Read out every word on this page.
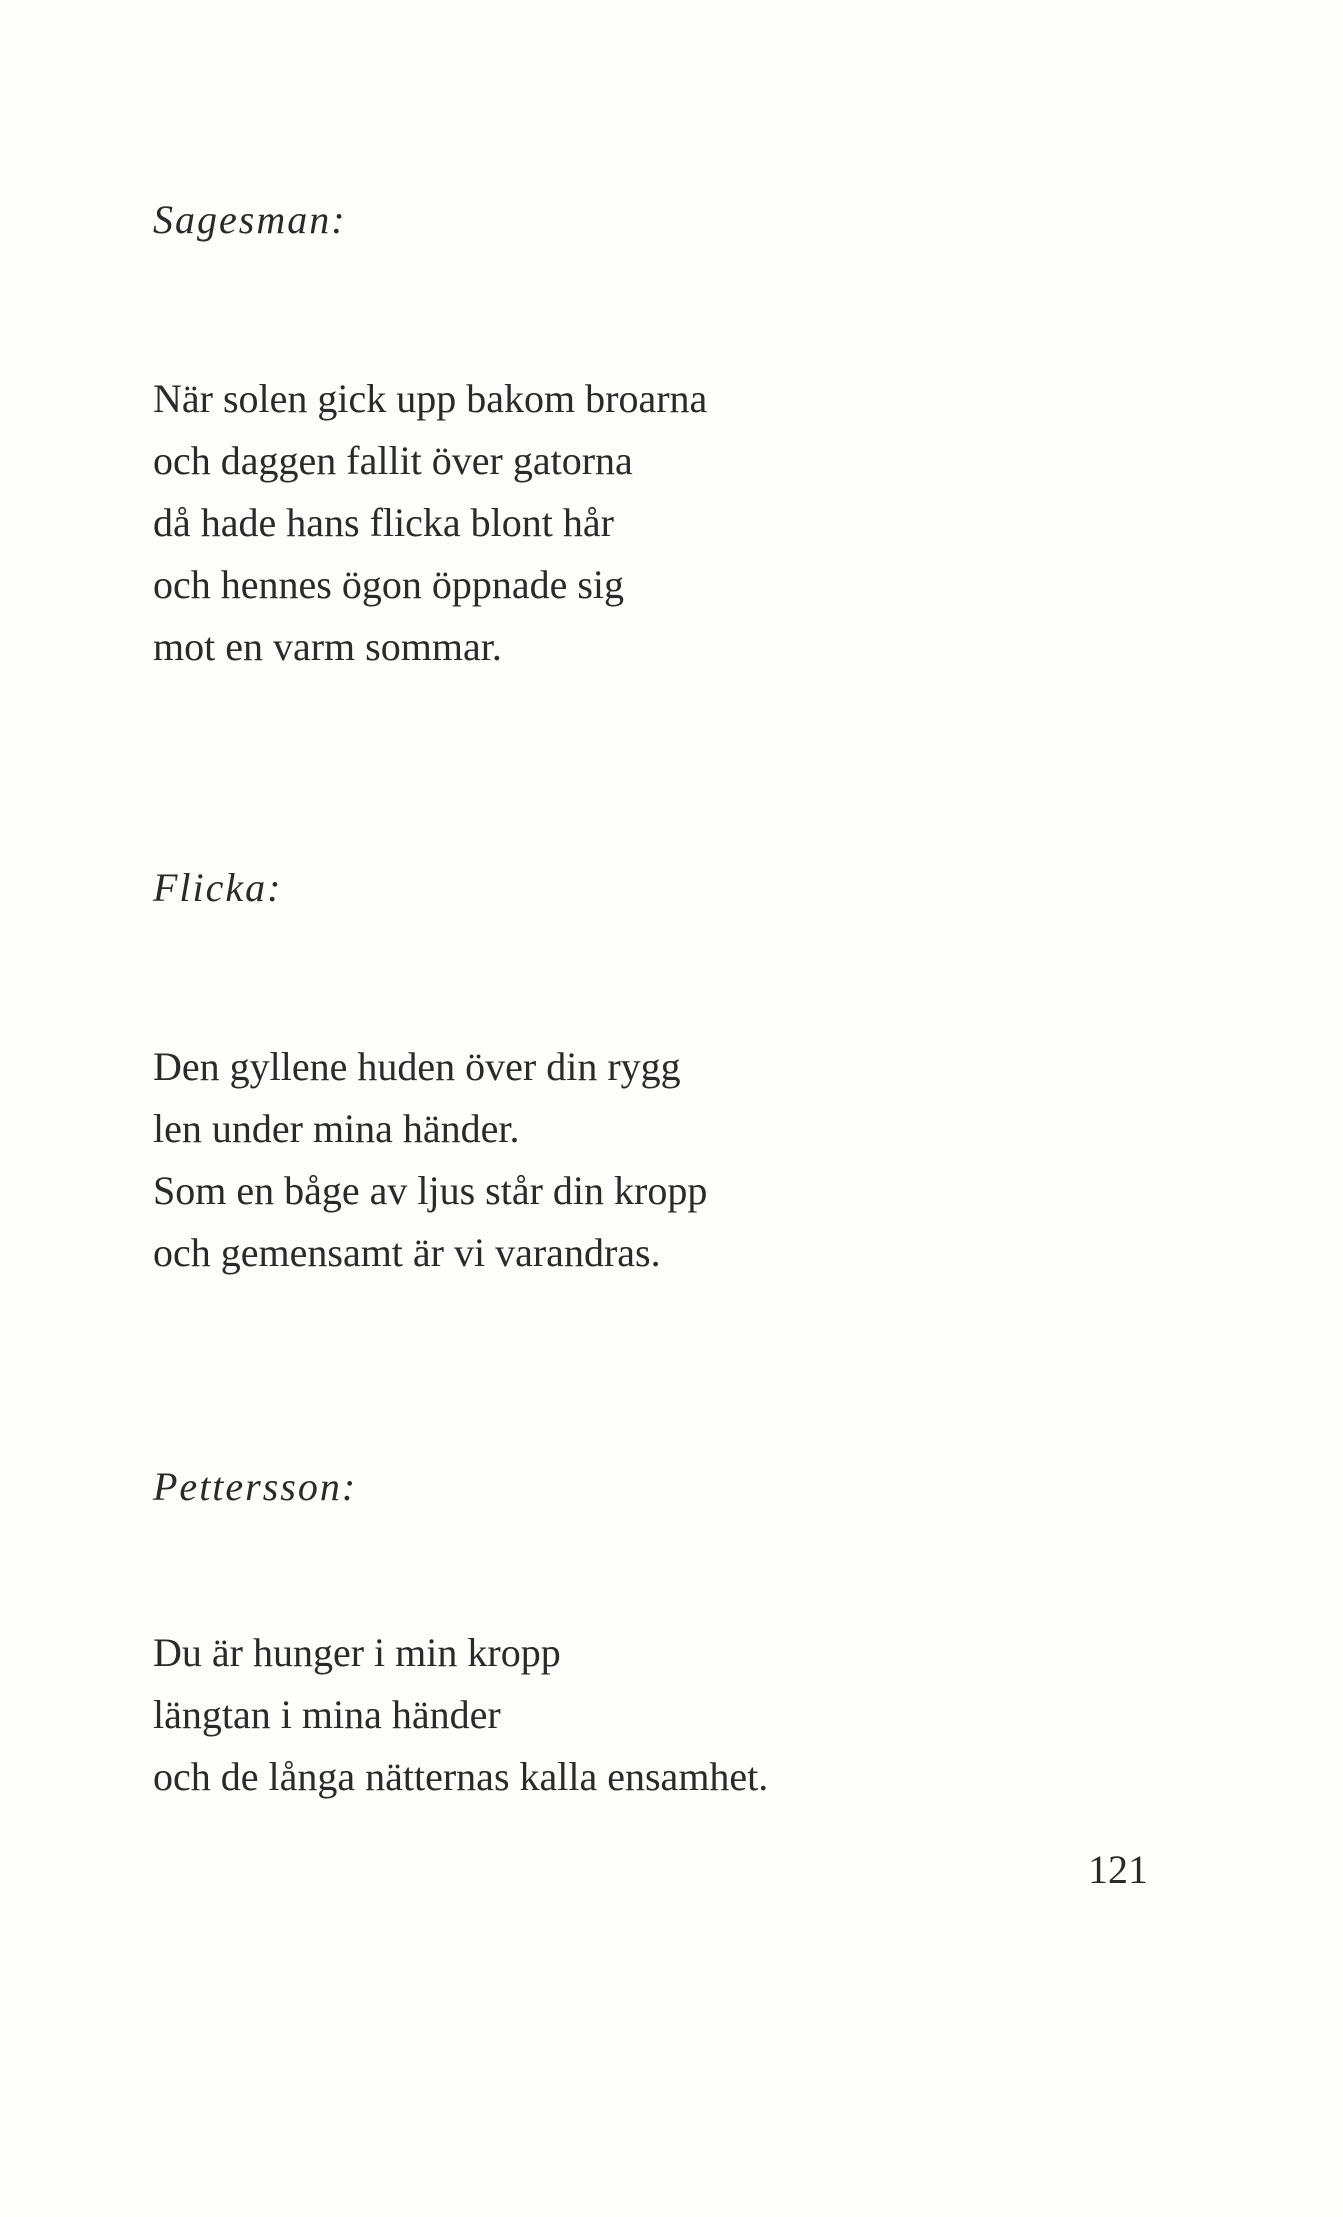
Sagesman:
När solen gick upp bakom broarna
och daggen fallit över gatorna
då hade hans flicka blont hår
och hennes ögon öppnade sig
mot en varm sommar.
Flicka:
Den gyllene huden över din rygg
len under mina händer.
Som en båge av ljus står din kropp
och gemensamt är vi varandras.
Pettersson:
Du är hunger i min kropp
längtan i mina händer
och de långa nätternas kalla ensamhet.
121
